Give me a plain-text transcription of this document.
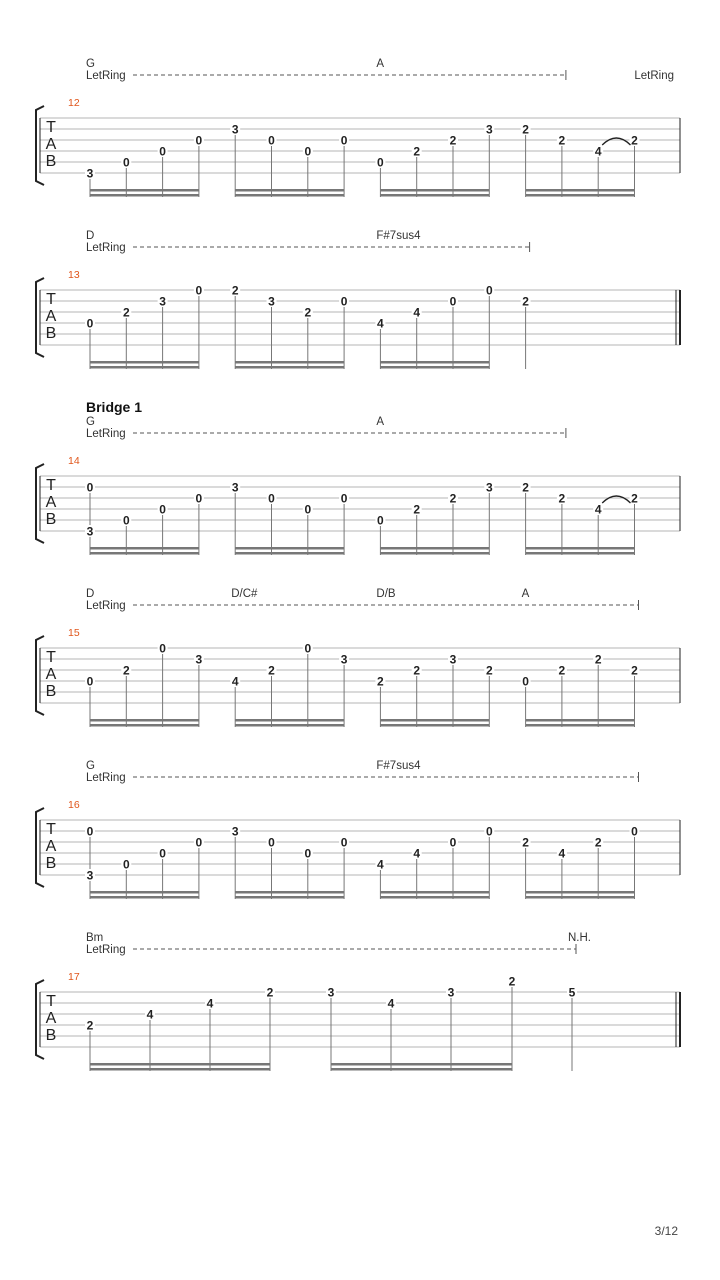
3/12
T
A
B
12
G	A
LetRing	LetRing
3
0
0
0
3
0
0
0
0
2
2
3 2
2
4
2
T
A
B
13
D	F#7sus4
LetRing
0
2
3
0 2
3
2
0
4
4
0
0
2
T
A
B
14
Bridge 1
G	A
LetRing
0
3
0
0
0
3
0
0
0
0
2
2
3 2
2
4
2
T
A
B
15
D	D/C#	D/B	A
LetRing
0
2
0
3
4
2
0
3
2
2
3
2
0
2
2
2
T
A
B
16
G	F#7sus4
LetRing
0
3
0
0
0
3
0
0
0
4
4
0
0
2
4
2
0
T
A
B
17
Bm	N.H.
LetRing
2
4
4
2	3
4
3
2
5
